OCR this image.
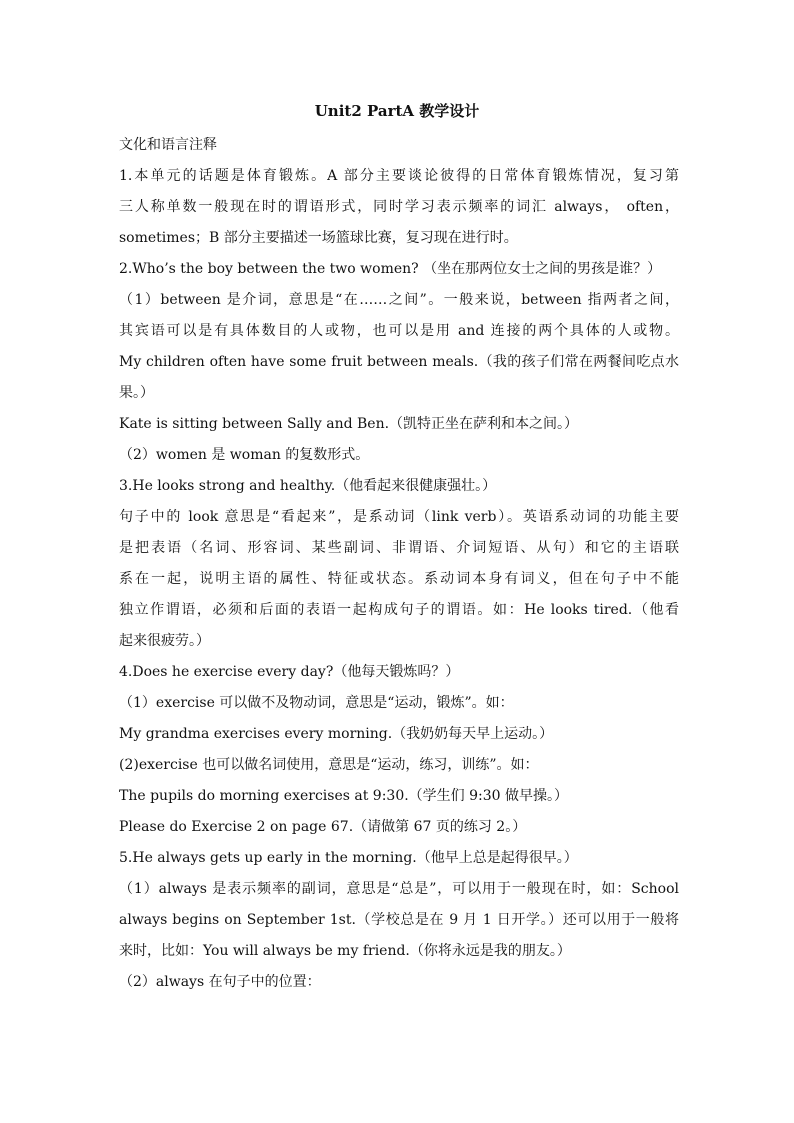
Unit2 PartA 教学设计
文化和语言注释
1.本单元的话题是体育锻炼。A 部分主要谈论彼得的日常体育锻炼情况，复习第
三人称单数一般现在时的谓语形式，同时学习表示频率的词汇 always， often，
sometimes；B 部分主要描述一场篮球比赛，复习现在进行时。
2.Who’s the boy between the two women? （坐在那两位女士之间的男孩是谁？）
（1）between 是介词，意思是“在……之间”。一般来说，between 指两者之间，
其宾语可以是有具体数目的人或物，也可以是用 and 连接的两个具体的人或物。
My children often have some fruit between meals.（我的孩子们常在两餐间吃点水
果。）
Kate is sitting between Sally and Ben.（凯特正坐在萨利和本之间。）
（2）women 是 woman 的复数形式。
3.He looks strong and healthy.（他看起来很健康强壮。）
句子中的 look 意思是“看起来”，是系动词（link verb）。英语系动词的功能主要
是把表语（名词、形容词、某些副词、非谓语、介词短语、从句）和它的主语联
系在一起，说明主语的属性、特征或状态。系动词本身有词义，但在句子中不能
独立作谓语，必须和后面的表语一起构成句子的谓语。如：He looks tired.（他看
起来很疲劳。）
4.Does he exercise every day?（他每天锻炼吗？）
（1）exercise 可以做不及物动词，意思是“运动，锻炼”。如：
My grandma exercises every morning.（我奶奶每天早上运动。）
(2)exercise 也可以做名词使用，意思是“运动，练习，训练”。如：
The pupils do morning exercises at 9:30.（学生们 9:30 做早操。）
Please do Exercise 2 on page 67.（请做第 67 页的练习 2。）
5.He always gets up early in the morning.（他早上总是起得很早。）
（1）always 是表示频率的副词，意思是“总是”，可以用于一般现在时，如：School
always begins on September 1st.（学校总是在 9 月 1 日开学。）还可以用于一般将
来时，比如：You will always be my friend.（你将永远是我的朋友。）
（2）always 在句子中的位置：
